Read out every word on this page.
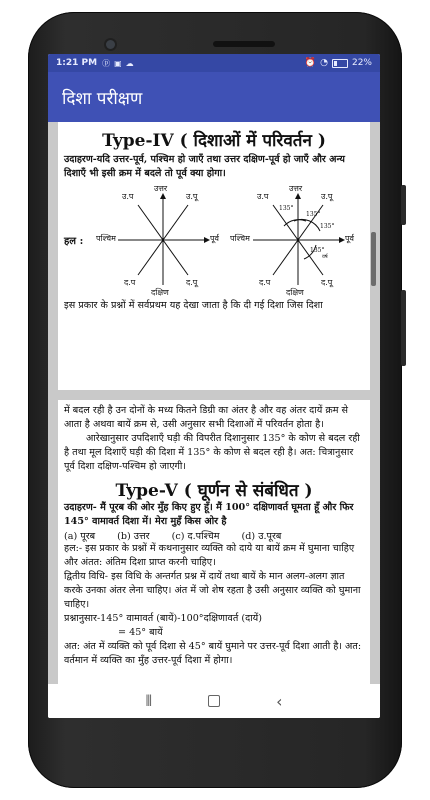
1:21 PM ⓟ ▣ ☁	⏰ ◔	22%
दिशा परीक्षण
Type-IV ( दिशाओं में परिवर्तन )
उदाहरण-यदि उत्तर-पूर्व, पश्चिम हो जाएँ तथा उत्तर दक्षिण-पूर्व हो जाएँ और अन्य दिशाएँ भी इसी क्रम में बदले तो पूर्व क्या होगा।
हल :
उत्तर
उ.प	उ.पू
पश्चिम	पूर्व
द.प	द.पू
दक्षिण
उत्तर
उ.प	उ.पू
पश्चिम	पूर्व
द.प	द.पू
दक्षिण
135°
135°
135°
135°
वर्ष
इस प्रकार के प्रश्नों में सर्वप्रथम यह देखा जाता है कि दी गई दिशा जिस दिशा
में बदल रही है उन दोनों के मध्य कितने डिग्री का अंतर है और वह अंतर दायें क्रम से आता है अथवा बायें क्रम से, उसी अनुसार सभी दिशाओं में परिवर्तन होता है।
आरेखानुसार उपदिशाएँ घड़ी की विपरीत दिशानुसार 135° के कोण से बदल रही है तथा मूल दिशाएँ घड़ी की दिशा में 135° के कोण से बदल रही है। अत: चित्रानुसार पूर्व दिशा दक्षिण-पश्चिम हो जाएगी।
Type-V ( घूर्णन से संबंधित )
उदाहरण- मैं पूरब की ओर मुँह किए हुए हूँ। मैं 100° दक्षिणावर्त घूमता हूँ और फिर 145° वामावर्त दिशा में। मेरा मुहँ किस ओर है
(a) पूरब (b) उत्तर (c) द.पश्चिम (d) उ.पूरब
हल:- इस प्रकार के प्रश्नों में कथनानुसार व्यक्ति को दाये या बायें क्रम में घुमाना चाहिए और अंतत: अंतिम दिशा प्राप्त करनी चाहिए।
द्वितीय विधि- इस विधि के अन्तर्गत प्रश्न में दायें तथा बायें के मान अलग-अलग ज्ञात करके उनका अंतर लेना चाहिए। अंत में जो शेष रहता है उसी अनुसार व्यक्ति को घुमाना चाहिए।
प्रश्नानुसार-145° वामावर्त (बायें)-100°दक्षिणावर्त (दायें)
= 45° बायें
अत: अंत में व्यक्ति को पूर्व दिशा से 45° बायें घुमाने पर उत्तर-पूर्व दिशा आती है। अत: वर्तमान में व्यक्ति का मुँह उत्तर-पूर्व दिशा में होगा।
⦀	‹
